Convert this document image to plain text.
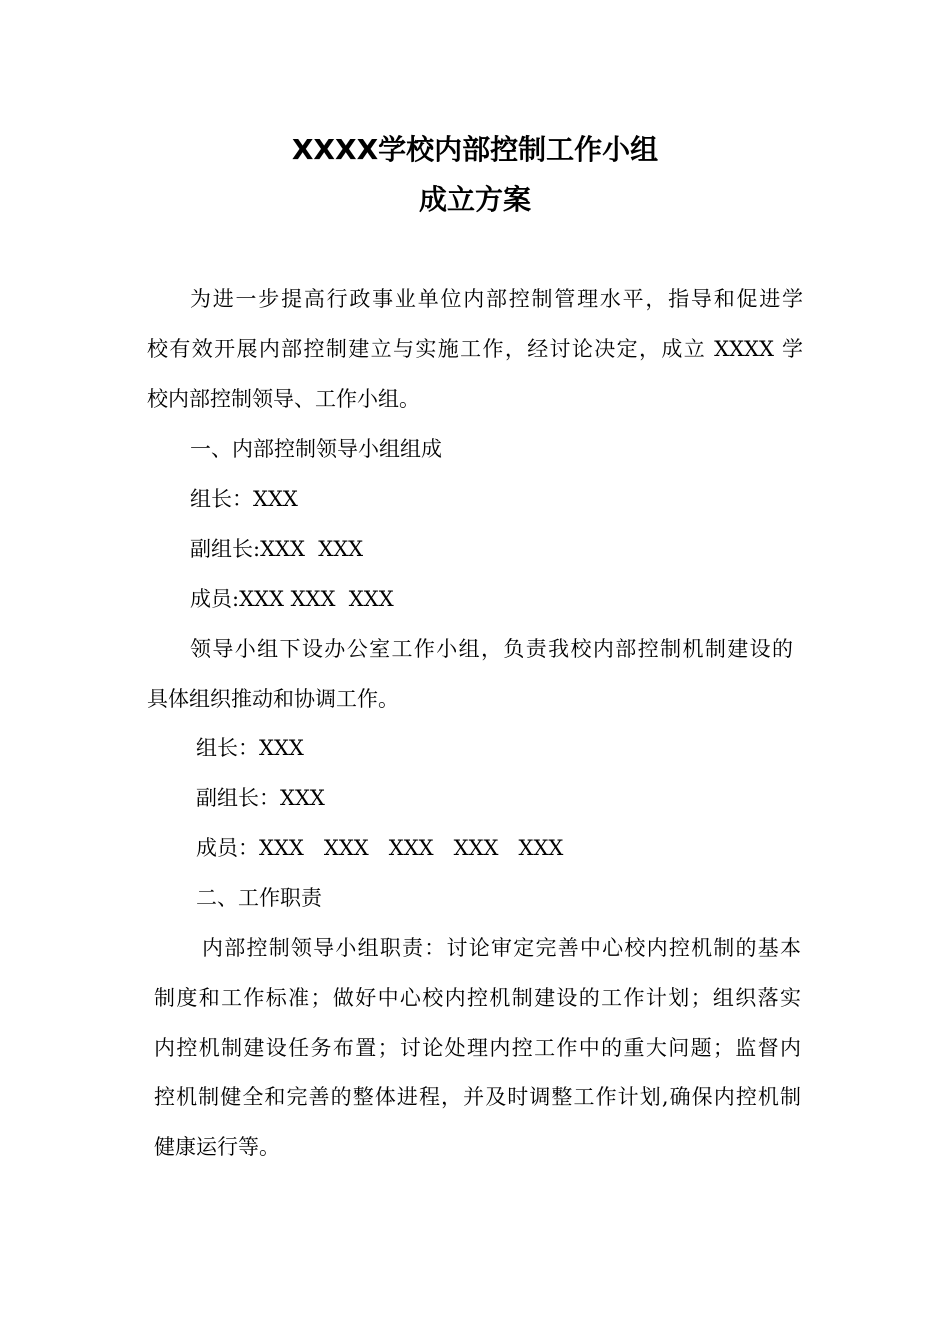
XXXX学校内部控制工作小组
成立方案

为进一步提高行政事业单位内部控制管理水平，指导和促进学

校有效开展内部控制建立与实施工作，经讨论决定，成立 XXXX 学

校内部控制领导、工作小组。

一、内部控制领导小组组成

组长：XXX

副组长:XXX  XXX

成员:XXX XXX  XXX

领导小组下设办公室工作小组，负责我校内部控制机制建设的

具体组织推动和协调工作。

组长：XXX

副组长：XXX

成员：XXX   XXX   XXX   XXX   XXX

二、工作职责

内部控制领导小组职责：讨论审定完善中心校内控机制的基本

制度和工作标准；做好中心校内控机制建设的工作计划；组织落实

内控机制建设任务布置；讨论处理内控工作中的重大问题；监督内

控机制健全和完善的整体进程，并及时调整工作计划,确保内控机制

健康运行等。
